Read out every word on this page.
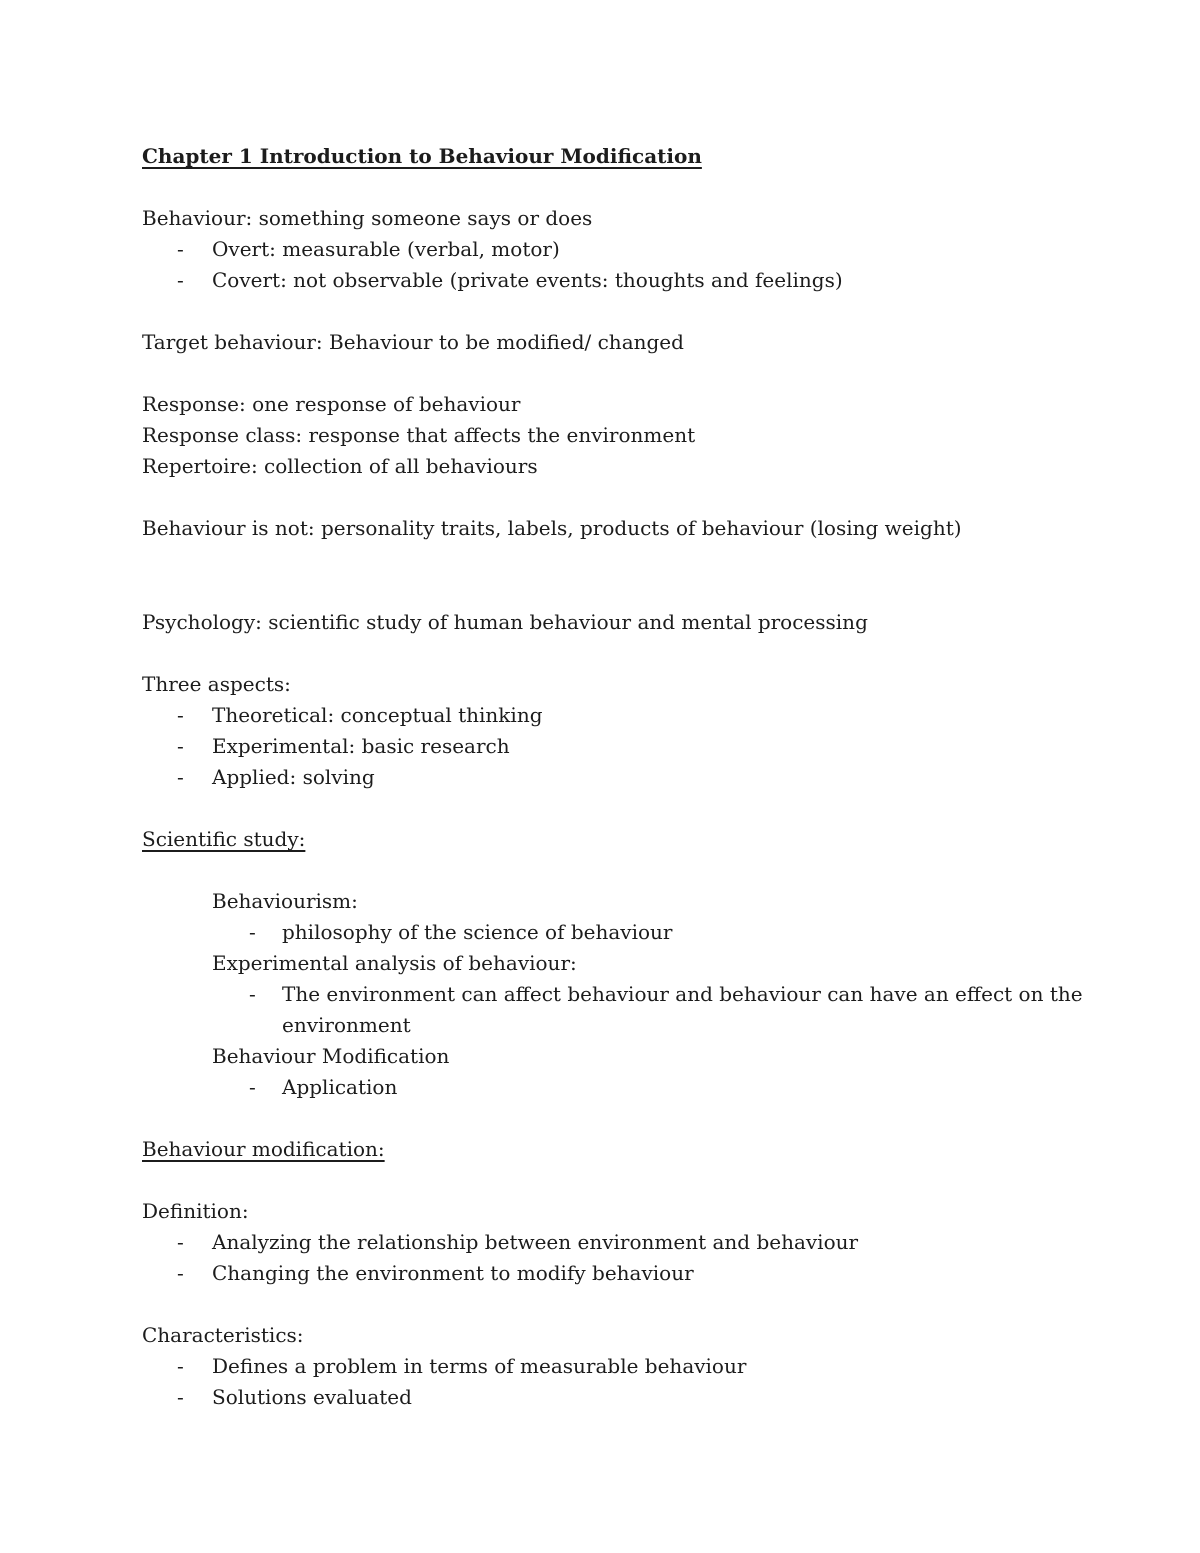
Chapter 1 Introduction to Behaviour Modification
Behaviour: something someone says or does
- Overt: measurable (verbal, motor)
- Covert: not observable (private events: thoughts and feelings)
Target behaviour: Behaviour to be modified/ changed
Response: one response of behaviour
Response class: response that affects the environment
Repertoire: collection of all behaviours
Behaviour is not: personality traits, labels, products of behaviour (losing weight)
Psychology: scientific study of human behaviour and mental processing
Three aspects:
- Theoretical: conceptual thinking
- Experimental: basic research
- Applied: solving
Scientific study:
Behaviourism:
- philosophy of the science of behaviour
Experimental analysis of behaviour:
- The environment can affect behaviour and behaviour can have an effect on the
environment
Behaviour Modification
- Application
Behaviour modification:
Definition:
- Analyzing the relationship between environment and behaviour
- Changing the environment to modify behaviour
Characteristics:
- Defines a problem in terms of measurable behaviour
- Solutions evaluated
